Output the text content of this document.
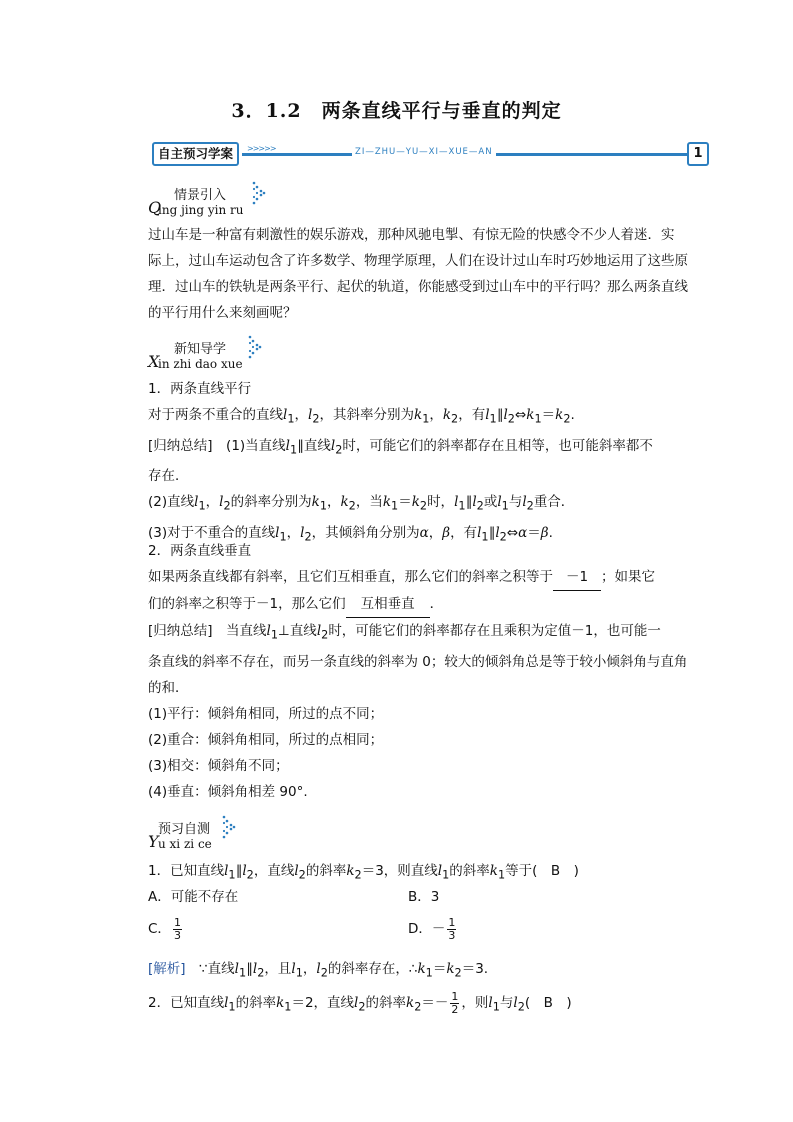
3．1.2　两条直线平行与垂直的判定
自主预习学案	>>>>>	ZI—ZHU—YU—XI—XUE—AN	1
情景引入
Q
ing jing yin ru
过山车是一种富有刺激性的娱乐游戏，那种风驰电掣、有惊无险的快感令不少人着迷．实
际上，过山车运动包含了许多数学、物理学原理，人们在设计过山车时巧妙地运用了这些原
理．过山车的铁轨是两条平行、起伏的轨道，你能感受到过山车中的平行吗？那么两条直线
的平行用什么来刻画呢？
新知导学
X
in zhi dao xue
1．两条直线平行
对于两条不重合的直线$l_1$，$l_2$，其斜率分别为$k_1$，$k_2$，有$l_1\parallel l_2\Leftrightarrow k_1=k_2$.
[归纳总结]　 (1)当直线$l_1\parallel$直线$l_2$时，可能它们的斜率都存在且相等，也可能斜率都不
存在．
(2)直线$l_1$，$l_2$的斜率分别为$k_1$，$k_2$，当$k_1=k_2$时，$l_1\parallel l_2$或$l_1$与$l_2$重合．
(3)对于不重合的直线$l_1$，$l_2$，其倾斜角分别为α，β，有$l_1\parallel l_2\Leftrightarrow\alpha=\beta$.
2．两条直线垂直
如果两条直线都有斜率，且它们互相垂直，那么它们的斜率之积等于 －1 ；如果它
们的斜率之积等于－1，那么它们 互相垂直 ．
[归纳总结]　 当直线$l_1\perp$直线$l_2$时，可能它们的斜率都存在且乘积为定值－1，也可能一
条直线的斜率不存在，而另一条直线的斜率为 0；较大的倾斜角总是等于较小倾斜角与直角
的和．
(1)平行：倾斜角相同，所过的点不同；
(2)重合：倾斜角相同，所过的点相同；
(3)相交：倾斜角不同；
(4)垂直：倾斜角相差 90°.
预习自测
Y u xi zi ce
1．已知直线$l_1\parallel l_2$，直线$l_2$的斜率$k_2=3$，则直线$l_1$的斜率$k_1$等于(　B　)
A．可能不存在	B．3
C． $\frac{1}{3}$	D．－ $\frac{1}{3}$
[解析]　 ∵直线$l_1\parallel l_2$，且$l_1$，$l_2$的斜率存在，$\therefore k_1=k_2=3$.
2．已知直线$l_1$的斜率$k_1=2$，直线$l_2$的斜率$k_2=- \frac{1}{2}$ ，则$l_1$与$l_2$(　B　)
